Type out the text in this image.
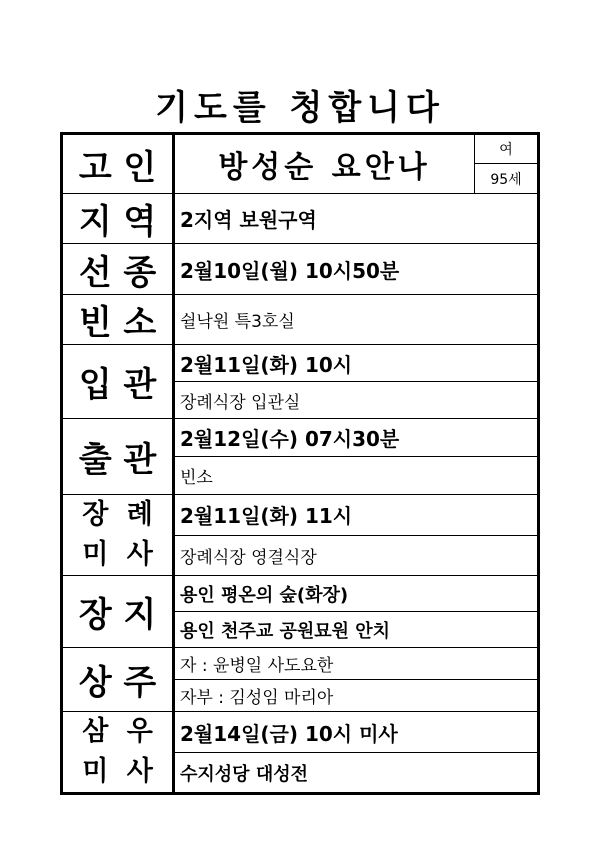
기도를 청합니다
고 인	방성순 요안나	여
		95세

지 역	2지역 보원구역	

선 종	2월10일(월) 10시50분	

빈 소	쉴낙원 특3호실	

입 관	2월11일(화) 10시	
	장례식장 입관실	

출 관	2월12일(수) 07시30분	
	빈소	

장 례
미 사	2월11일(화) 11시	
	장례식장 영결식장	

장 지	용인 평온의 숲(화장)	
	용인 천주교 공원묘원 안치	

상 주	자 : 윤병일 사도요한	
	자부 : 김성임 마리아	

삼 우
미 사	2월14일(금) 10시 미사	
	수지성당 대성전	
